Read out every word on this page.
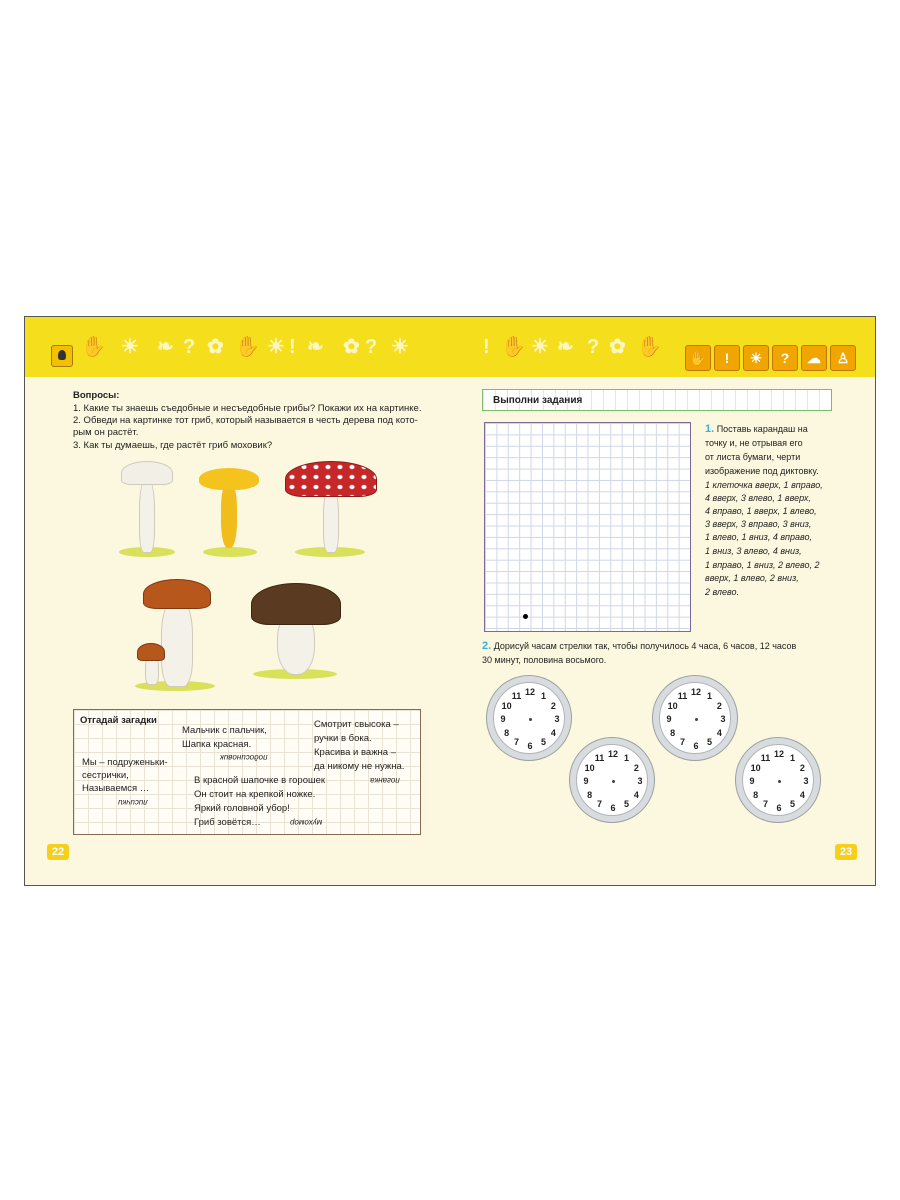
✋ ☀ ❧ ? ✿ ✋ ☀ ! ❧ ✿ ? ☀	! ✋ ☀ ❧ ? ✿ ✋	✋	!	☀	?	☁	♙
Вопросы:
1. Какие ты знаешь съедобные и несъедобные грибы? Покажи их на картинке.
2. Обведи на картинке тот гриб, который называется в честь дерева под кото-
рым он растёт.
3. Как ты думаешь, где растёт гриб моховик?
Отгадай загадки
Мы – подруженьки-
сестрички,
Называемся …
лисички
Мальчик с пальчик,
Шапка красная.
подосиновик
В красной шапочке в горошек
Он стоит на крепкой ножке.
Яркий головной убор!
Гриб зовётся…	мухомор
Смотрит свысока –
ручки в бока.
Красива и важна –
да никому не нужна.
поганка
22
Выполни задания
1. Поставь карандаш на
точку и, не отрывая его
от листа бумаги, черти
изображение под диктовку.
1 клеточка вверх, 1 вправо,
4 вверх, 3 влево, 1 вверх,
4 вправо, 1 вверх, 1 влево,
3 вверх, 3 вправо, 3 вниз,
1 влево, 1 вниз, 4 вправо,
1 вниз, 3 влево, 4 вниз,
1 вправо, 1 вниз, 2 влево, 2
вверх, 1 влево, 2 вниз,
2 влево.
2. Дорисуй часам стрелки так, чтобы получилось 4 часа, 6 часов, 12 часов
30 минут, половина восьмого.
12 1
2
3
4
5
6
7
8
9
10
11
12 1
2
3
4
5
6
7
8
9
10
11
12 1
2
3
4
5
6
7
8
9
10
11
12 1
2
3
4
5
6
7
8
9
10
11
23
